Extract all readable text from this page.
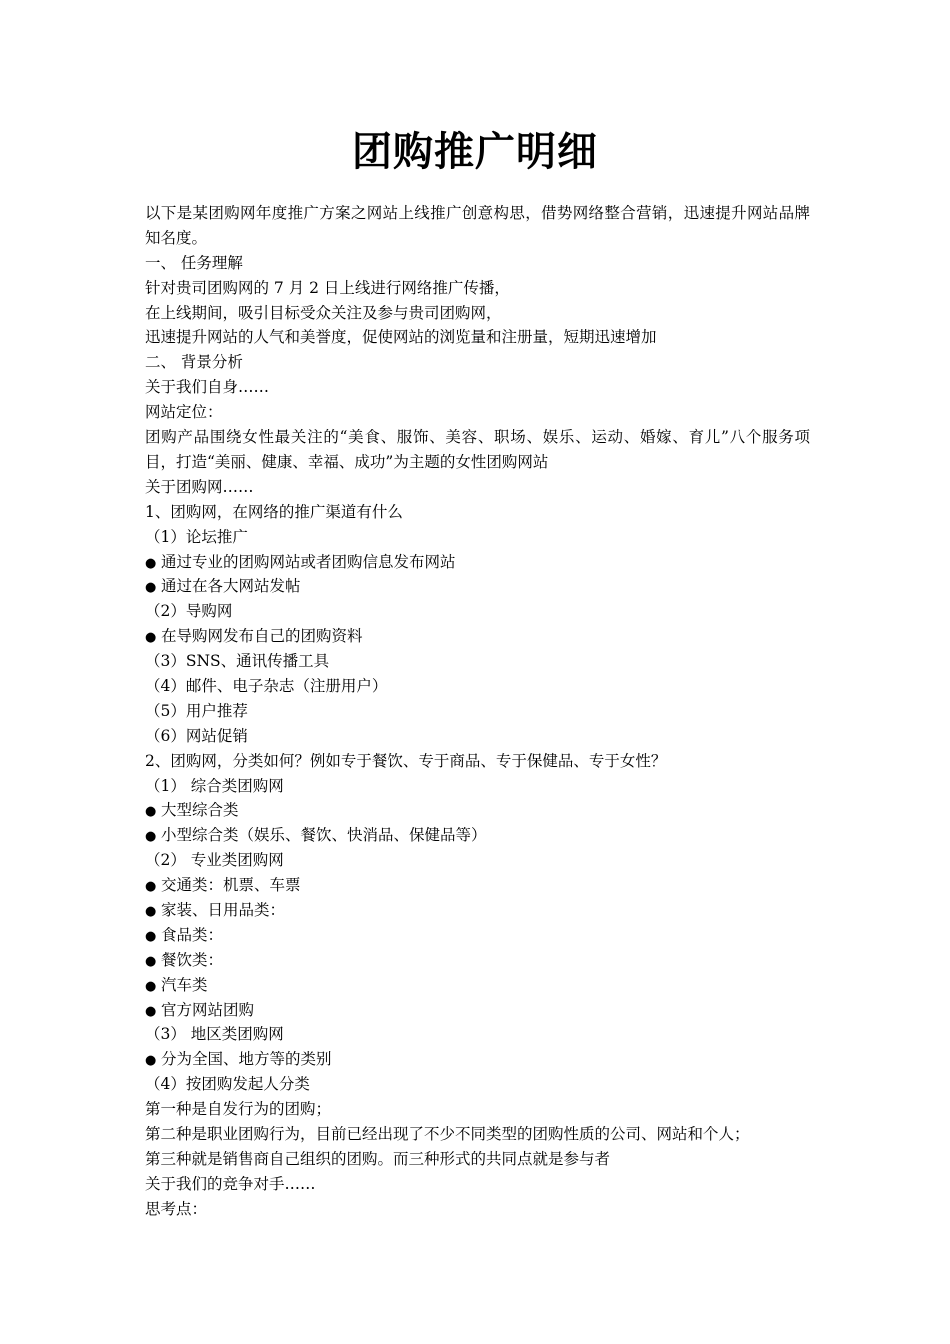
团购推广明细
以下是某团购网年度推广方案之网站上线推广创意构思，借势网络整合营销，迅速提升网站品牌知名度。
一、 任务理解
针对贵司团购网的 7 月 2 日上线进行网络推广传播，
在上线期间，吸引目标受众关注及参与贵司团购网，
迅速提升网站的人气和美誉度，促使网站的浏览量和注册量，短期迅速增加
二、 背景分析
关于我们自身……
网站定位：
团购产品围绕女性最关注的“美食、服饰、美容、职场、娱乐、运动、婚嫁、育儿”八个服务项目，打造“美丽、健康、幸福、成功”为主题的女性团购网站
关于团购网……
1、团购网，在网络的推广渠道有什么
（1）论坛推广
● 通过专业的团购网站或者团购信息发布网站
● 通过在各大网站发帖
（2）导购网
● 在导购网发布自己的团购资料
（3）SNS、通讯传播工具
（4）邮件、电子杂志（注册用户）
（5）用户推荐
（6）网站促销
2、团购网，分类如何？例如专于餐饮、专于商品、专于保健品、专于女性？
（1） 综合类团购网
● 大型综合类
● 小型综合类（娱乐、餐饮、快消品、保健品等）
（2） 专业类团购网
● 交通类：机票、车票
● 家装、日用品类：
● 食品类：
● 餐饮类：
● 汽车类
● 官方网站团购
（3） 地区类团购网
● 分为全国、地方等的类别
（4）按团购发起人分类
第一种是自发行为的团购；
第二种是职业团购行为，目前已经出现了不少不同类型的团购性质的公司、网站和个人；
第三种就是销售商自己组织的团购。而三种形式的共同点就是参与者
关于我们的竞争对手……
思考点：
